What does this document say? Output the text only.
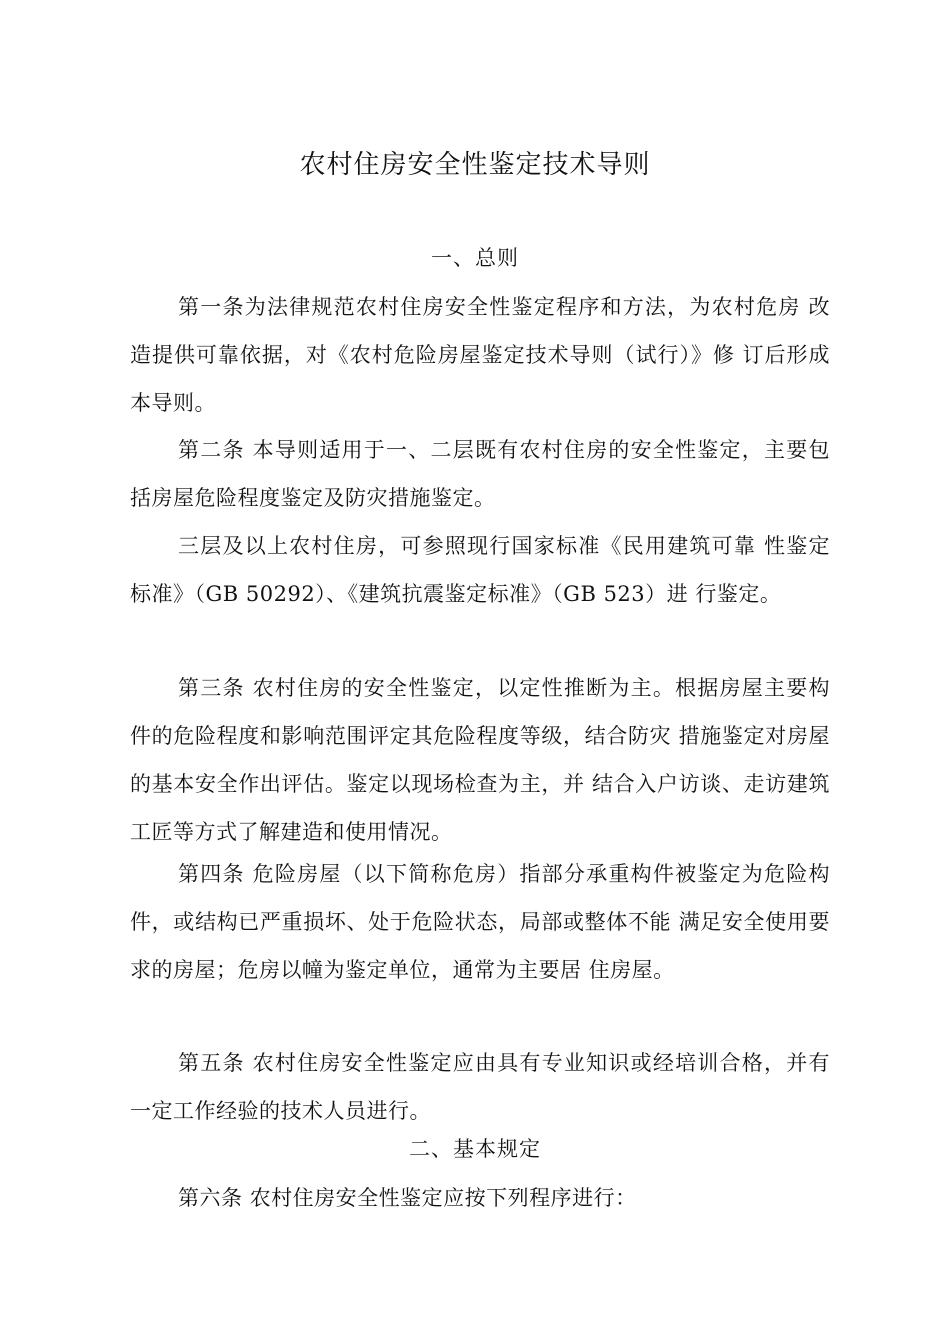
农村住房安全性鉴定技术导则
一、总则

第一条为法律规范农村住房安全性鉴定程序和方法，为农村危房 改造提供可靠依据，对《农村危险房屋鉴定技术导则（试行）》修 订后形成本导则。

第二条 本导则适用于一、二层既有农村住房的安全性鉴定，主要包括房屋危险程度鉴定及防灾措施鉴定。

三层及以上农村住房，可参照现行国家标准《民用建筑可靠 性鉴定标准》（GB 50292）、《建筑抗震鉴定标准》（GB 523）进 行鉴定。

第三条 农村住房的安全性鉴定，以定性推断为主。根据房屋主要构件的危险程度和影响范围评定其危险程度等级，结合防灾 措施鉴定对房屋的基本安全作出评估。鉴定以现场检查为主，并 结合入户访谈、走访建筑工匠等方式了解建造和使用情况。

第四条 危险房屋（以下简称危房）指部分承重构件被鉴定为危险构件，或结构已严重损坏、处于危险状态，局部或整体不能 满足安全使用要求的房屋；危房以幢为鉴定单位，通常为主要居 住房屋。

第五条 农村住房安全性鉴定应由具有专业知识或经培训合格，并有一定工作经验的技术人员进行。

二、基本规定

第六条 农村住房安全性鉴定应按下列程序进行：
